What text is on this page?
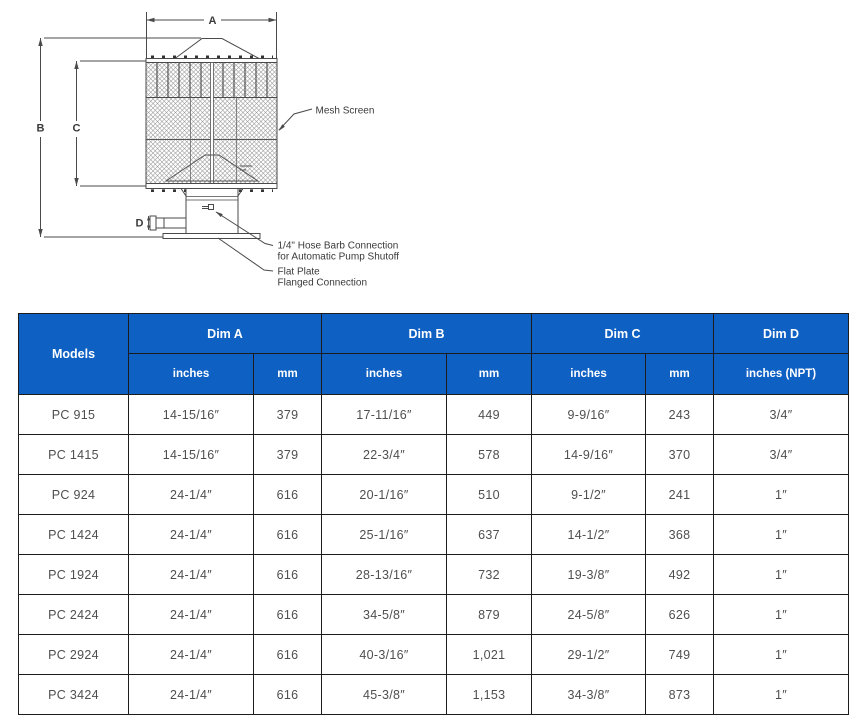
A
B	C
D
Mesh Screen
1/4" Hose Barb Connection
for Automatic Pump Shutoff
Flat Plate
Flanged Connection
Models	Dim A		Dim B		Dim C		Dim D
	inches	mm	inches	mm	inches	mm	inches (NPT)
PC 915	14-15/16″	379	17-11/16″	449	9-9/16″	243	3/4″
PC 1415	14-15/16″	379	22-3/4″	578	14-9/16″	370	3/4″
PC 924	24-1/4″	616	20-1/16″	510	9-1/2″	241	1″
PC 1424	24-1/4″	616	25-1/16″	637	14-1/2″	368	1″
PC 1924	24-1/4″	616	28-13/16″	732	19-3/8″	492	1″
PC 2424	24-1/4″	616	34-5/8″	879	24-5/8″	626	1″
PC 2924	24-1/4″	616	40-3/16″	1,021	29-1/2″	749	1″
PC 3424	24-1/4″	616	45-3/8″	1,153	34-3/8″	873	1″
